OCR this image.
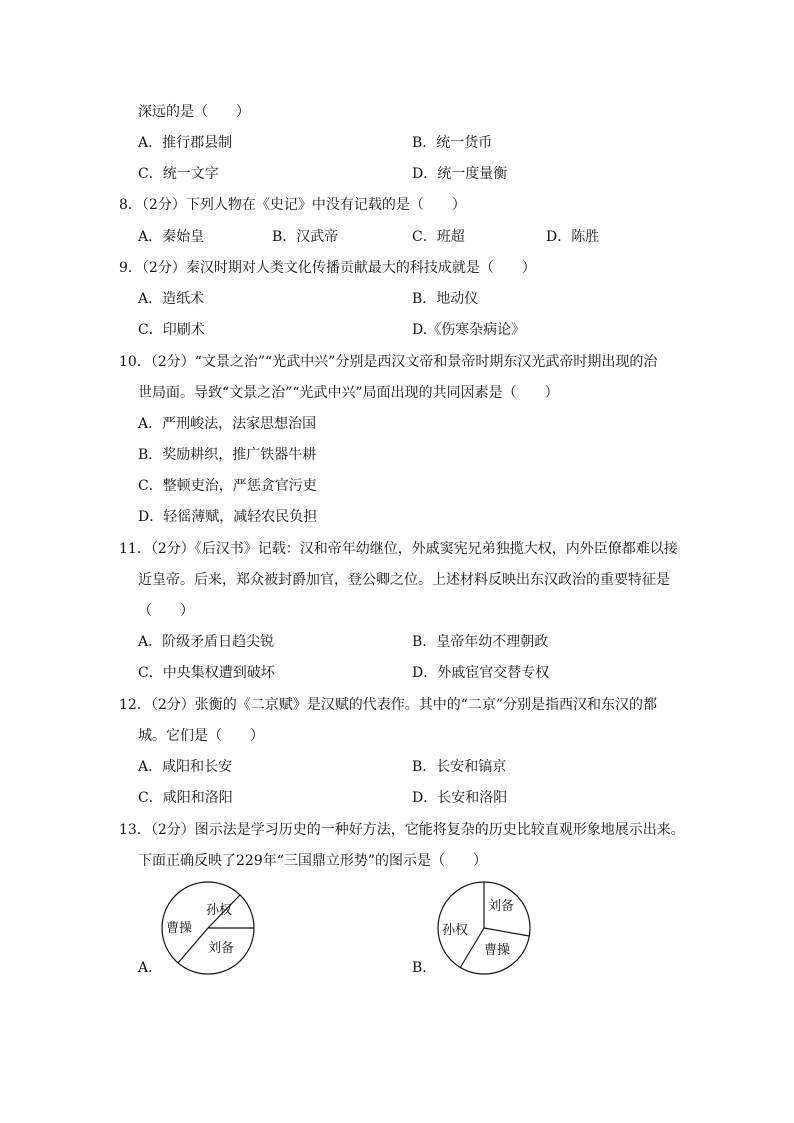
深远的是（　　）
A．推行郡县制	B．统一货币
C．统一文字	D．统一度量衡
8．（2分）下列人物在《史记》中没有记载的是（　　）
A．秦始皇	B．汉武帝	C．班超	D．陈胜
9．（2分）秦汉时期对人类文化传播贡献最大的科技成就是（　　）
A．造纸术	B．地动仪
C．印刷术	D.《伤寒杂病论》
10．（2分）“文景之治”“光武中兴”分别是西汉文帝和景帝时期东汉光武帝时期出现的治
世局面。导致“文景之治”“光武中兴”局面出现的共同因素是（　　）
A．严刑峻法，法家思想治国
B．奖励耕织，推广铁器牛耕
C．整顿吏治，严惩贪官污吏
D．轻徭薄赋，减轻农民负担
11．（2分）《后汉书》记载：汉和帝年幼继位，外戚窦宪兄弟独揽大权，内外臣僚都难以接
近皇帝。后来，郑众被封爵加官，登公卿之位。上述材料反映出东汉政治的重要特征是
（　　）
A．阶级矛盾日趋尖锐	B．皇帝年幼不理朝政
C．中央集权遭到破坏	D．外戚宦官交替专权
12．（2分）张衡的《二京赋》是汉赋的代表作。其中的“二京”分别是指西汉和东汉的都
城。它们是（　　）
A．咸阳和长安	B．长安和镐京
C．咸阳和洛阳	D．长安和洛阳
13．（2分）图示法是学习历史的一种好方法，它能将复杂的历史比较直观形象地展示出来。
下面正确反映了229年“三国鼎立形势”的图示是（　　）
A．
曹操
孙权
刘备
B．
孙权
刘备
曹操
